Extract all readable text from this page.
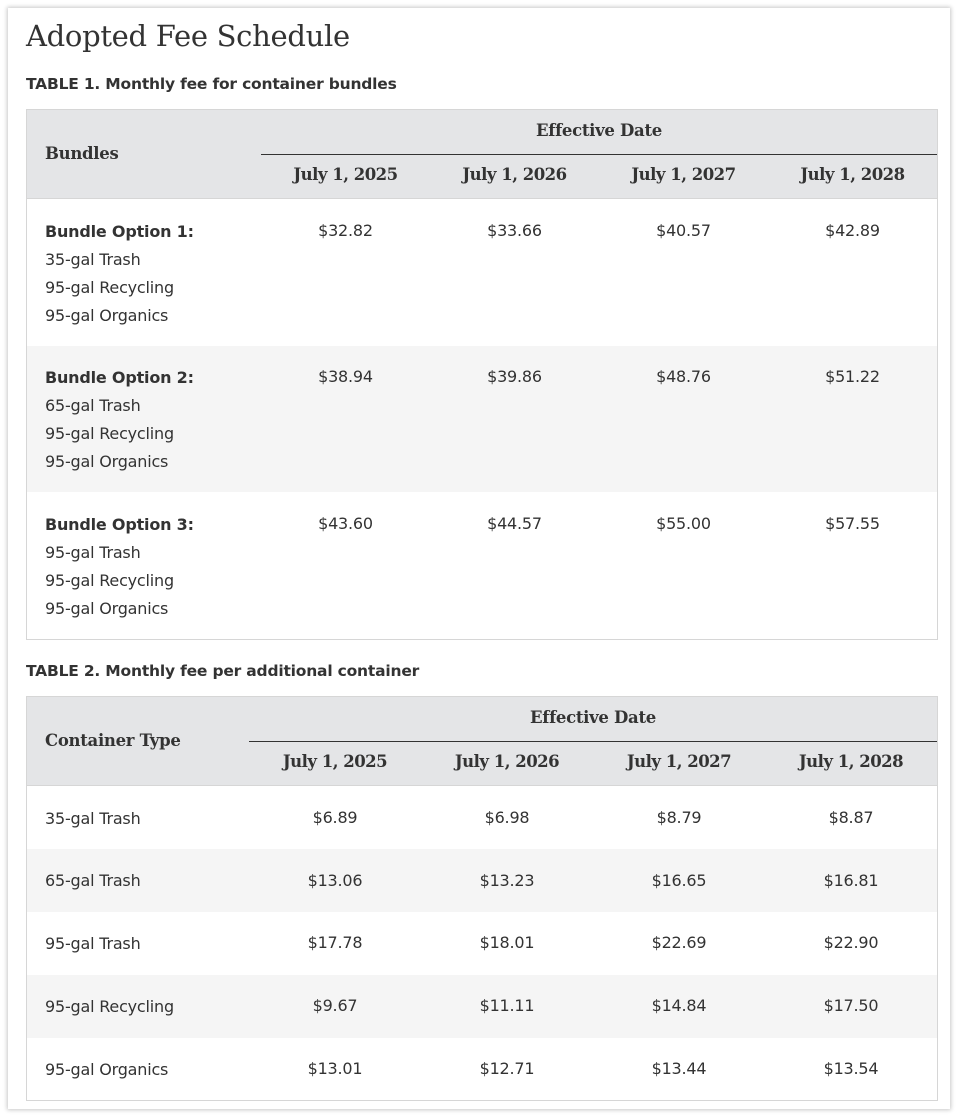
Adopted Fee Schedule

TABLE 1. Monthly fee for container bundles

Bundles
Effective Date
July 1, 2025	July 1, 2026	July 1, 2027	July 1, 2028
Bundle Option 1:
35-gal Trash
95-gal Recycling
95-gal Organics
$32.82	$33.66	$40.57	$42.89
Bundle Option 2:
65-gal Trash
95-gal Recycling
95-gal Organics
$38.94	$39.86	$48.76	$51.22
Bundle Option 3:
95-gal Trash
95-gal Recycling
95-gal Organics
$43.60	$44.57	$55.00	$57.55

TABLE 2. Monthly fee per additional container

Container Type
Effective Date
July 1, 2025	July 1, 2026	July 1, 2027	July 1, 2028
35-gal Trash	$6.89	$6.98	$8.79	$8.87
65-gal Trash	$13.06	$13.23	$16.65	$16.81
95-gal Trash	$17.78	$18.01	$22.69	$22.90
95-gal Recycling	$9.67	$11.11	$14.84	$17.50
95-gal Organics	$13.01	$12.71	$13.44	$13.54
